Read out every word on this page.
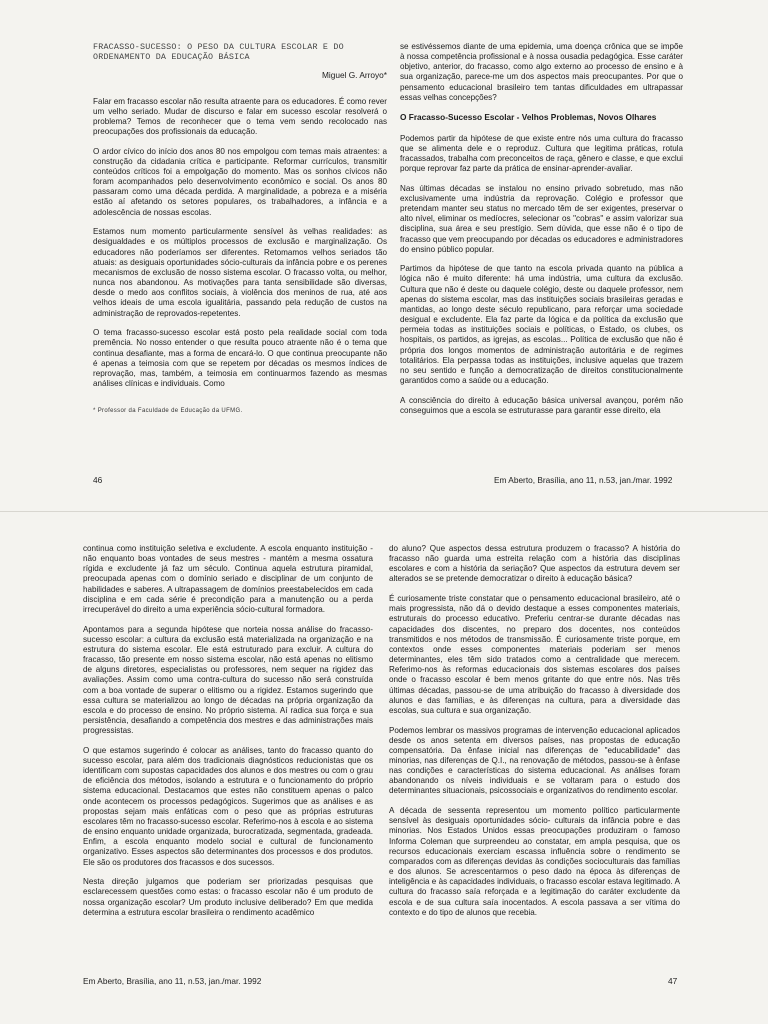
FRACASSO-SUCESSO: O PESO DA CULTURA ESCOLAR E DO ORDENAMENTO DA EDUCAÇÃO BÁSICA
Miguel G. Arroyo*

Falar em fracasso escolar não resulta atraente para os educadores. É como rever um velho seriado. Mudar de discurso e falar em sucesso escolar resolverá o problema? Temos de reconhecer que o tema vem sendo recolocado nas preocupações dos profissionais da educação.

O ardor cívico do início dos anos 80 nos empolgou com temas mais atraentes: a construção da cidadania crítica e participante. Reformar currículos, transmitir conteúdos críticos foi a empolgação do momento. Mas os sonhos cívicos não foram acompanhados pelo desenvolvimento econômico e social. Os anos 80 passaram como uma década perdida. A marginalidade, a pobreza e a miséria estão aí afetando os setores populares, os trabalhadores, a infância e a adolescência de nossas escolas.

Estamos num momento particularmente sensível às velhas realidades: as desigualdades e os múltiplos processos de exclusão e marginalização. Os educadores não poderíamos ser diferentes. Retomamos velhos seriados tão atuais: as desiguais oportunidades sócio-culturais da infância pobre e os perenes mecanismos de exclusão de nosso sistema escolar. O fracasso volta, ou melhor, nunca nos abandonou. As motivações para tanta sensibilidade são diversas, desde o medo aos conflitos sociais, à violência dos meninos de rua, até aos velhos ideais de uma escola igualitária, passando pela redução de custos na administração de reprovados-repetentes.

O tema fracasso-sucesso escolar está posto pela realidade social com toda premência. No nosso entender o que resulta pouco atraente não é o tema que continua desafiante, mas a forma de encará-lo. O que continua preocupante não é apenas a teimosia com que se repetem por décadas os mesmos índices de reprovação, mas, também, a teimosia em continuarmos fazendo as mesmas análises clínicas e individuais. Como

* Professor da Faculdade de Educação da UFMG.

se estivéssemos diante de uma epidemia, uma doença crônica que se impõe à nossa competência profissional e à nossa ousadia pedagógica. Esse caráter objetivo, anterior, do fracasso, como algo externo ao processo de ensino e à sua organização, parece-me um dos aspectos mais preocupantes. Por que o pensamento educacional brasileiro tem tantas dificuldades em ultrapassar essas velhas concepções?

O Fracasso-Sucesso Escolar - Velhos Problemas, Novos Olhares

Podemos partir da hipótese de que existe entre nós uma cultura do fracasso que se alimenta dele e o reproduz. Cultura que legitima práticas, rotula fracassados, trabalha com preconceitos de raça, gênero e classe, e que exclui porque reprovar faz parte da prática de ensinar-aprender-avaliar.

Nas últimas décadas se instalou no ensino privado sobretudo, mas não exclusivamente uma indústria da reprovação. Colégio e professor que pretendam manter seu status no mercado têm de ser exigentes, preservar o alto nível, eliminar os medíocres, selecionar os "cobras" e assim valorizar sua disciplina, sua área e seu prestígio. Sem dúvida, que esse não é o tipo de fracasso que vem preocupando por décadas os educadores e administradores do ensino público popular.

Partimos da hipótese de que tanto na escola privada quanto na pública a lógica não é muito diferente: há uma indústria, uma cultura da exclusão. Cultura que não é deste ou daquele colégio, deste ou daquele professor, nem apenas do sistema escolar, mas das instituições sociais brasileiras geradas e mantidas, ao longo deste século republicano, para reforçar uma sociedade desigual e excludente. Ela faz parte da lógica e da política da exclusão que permeia todas as instituições sociais e políticas, o Estado, os clubes, os hospitais, os partidos, as igrejas, as escolas... Política de exclusão que não é própria dos longos momentos de administração autoritária e de regimes totalitários. Ela perpassa todas as instituições, inclusive aquelas que trazem no seu sentido e função a democratização de direitos constitucionalmente garantidos como a saúde ou a educação.

A consciência do direito à educação básica universal avançou, porém não conseguimos que a escola se estruturasse para garantir esse direito, ela

46	Em Aberto, Brasília, ano 11, n.53, jan./mar. 1992

continua como instituição seletiva e excludente. A escola enquanto instituição - não enquanto boas vontades de seus mestres - mantém a mesma ossatura rígida e excludente já faz um século. Continua aquela estrutura piramidal, preocupada apenas com o domínio seriado e disciplinar de um conjunto de habilidades e saberes. A ultrapassagem de domínios preestabelecidos em cada disciplina e em cada série é precondição para a manutenção ou a perda irrecuperável do direito a uma experiência sócio-cultural formadora.

Apontamos para a segunda hipótese que norteia nossa análise do fracasso-sucesso escolar: a cultura da exclusão está materializada na organização e na estrutura do sistema escolar. Ele está estruturado para excluir. A cultura do fracasso, tão presente em nosso sistema escolar, não está apenas no elitismo de alguns diretores, especialistas ou professores, nem sequer na rigidez das avaliações. Assim como uma contra-cultura do sucesso não será construída com a boa vontade de superar o elitismo ou a rigidez. Estamos sugerindo que essa cultura se materializou ao longo de décadas na própria organização da escola e do processo de ensino. No próprio sistema. Aí radica sua força e sua persistência, desafiando a competência dos mestres e das administrações mais progressistas.

O que estamos sugerindo é colocar as análises, tanto do fracasso quanto do sucesso escolar, para além dos tradicionais diagnósticos reducionistas que os identificam com supostas capacidades dos alunos e dos mestres ou com o grau de eficiência dos métodos, isolando a estrutura e o funcionamento do próprio sistema educacional. Destacamos que estes não constituem apenas o palco onde acontecem os processos pedagógicos. Sugerimos que as análises e as propostas sejam mais enfáticas com o peso que as próprias estruturas escolares têm no fracasso-sucesso escolar. Referimo-nos à escola e ao sistema de ensino enquanto unidade organizada, burocratizada, segmentada, gradeada. Enfim, a escola enquanto modelo social e cultural de funcionamento organizativo. Esses aspectos são determinantes dos processos e dos produtos. Ele são os produtores dos fracassos e dos sucessos.

Nesta direção julgamos que poderiam ser priorizadas pesquisas que esclarecessem questões como estas: o fracasso escolar não é um produto de nossa organização escolar? Um produto inclusive deliberado? Em que medida determina a estrutura escolar brasileira o rendimento acadêmico

do aluno? Que aspectos dessa estrutura produzem o fracasso? A história do fracasso não guarda uma estreita relação com a história das disciplinas escolares e com a história da seriação? Que aspectos da estrutura devem ser alterados se se pretende democratizar o direito à educação básica?

É curiosamente triste constatar que o pensamento educacional brasileiro, até o mais progressista, não dá o devido destaque a esses componentes materiais, estruturais do processo educativo. Preferiu centrar-se durante décadas nas capacidades dos discentes, no preparo dos docentes, nos conteúdos transmitidos e nos métodos de transmissão. É curiosamente triste porque, em contextos onde esses componentes materiais poderiam ser menos determinantes, eles têm sido tratados como a centralidade que merecem. Referimo-nos às reformas educacionais dos sistemas escolares dos países onde o fracasso escolar é bem menos gritante do que entre nós. Nas três últimas décadas, passou-se de uma atribuição do fracasso à diversidade dos alunos e das famílias, e às diferenças na cultura, para a diversidade das escolas, sua cultura e sua organização.

Podemos lembrar os massivos programas de intervenção educacional aplicados desde os anos setenta em diversos países, nas propostas de educação compensatória. Da ênfase inicial nas diferenças de "educabilidade" das minorias, nas diferenças de Q.I., na renovação de métodos, passou-se à ênfase nas condições e características do sistema educacional. As análises foram abandonando os níveis individuais e se voltaram para o estudo dos determinantes situacionais, psicossociais e organizativos do rendimento escolar.

A década de sessenta representou um momento político particularmente sensível às desiguais oportunidades sócio- culturais da infância pobre e das minorias. Nos Estados Unidos essas preocupações produziram o famoso Informa Coleman que surpreendeu ao constatar, em ampla pesquisa, que os recursos educacionais exerciam escassa influência sobre o rendimento se comparados com as diferenças devidas às condições socioculturais das famílias e dos alunos. Se acrescentarmos o peso dado na época às diferenças de inteligência e às capacidades individuais, o fracasso escolar estava legitimado. A cultura do fracasso saía reforçada e a legitimação do caráter excludente da escola e de sua cultura saía inocentados. A escola passava a ser vítima do contexto e do tipo de alunos que recebia.

Em Aberto, Brasília, ano 11, n.53, jan./mar. 1992	47
